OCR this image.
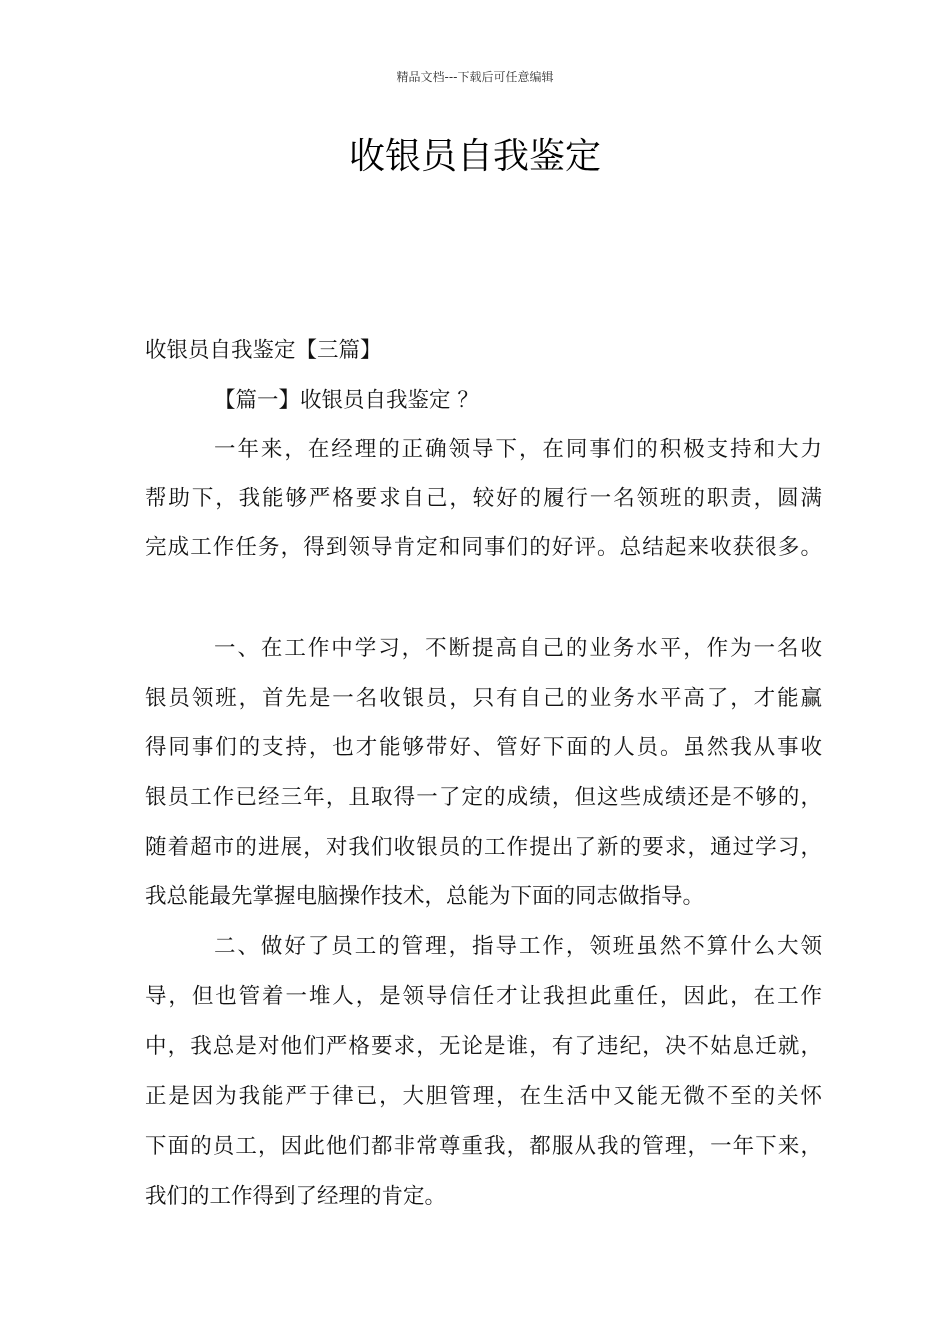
精品文档---下载后可任意编辑
收银员自我鉴定
收银员自我鉴定【三篇】
【篇一】收银员自我鉴定 ？
一年来，在经理的正确领导下，在同事们的积极支持和大力
帮助下，我能够严格要求自己，较好的履行一名领班的职责，圆满
完成工作任务，得到领导肯定和同事们的好评。总结起来收获很多。
一、在工作中学习，不断提高自己的业务水平，作为一名收
银员领班，首先是一名收银员，只有自己的业务水平高了，才能赢
得同事们的支持，也才能够带好、管好下面的人员。虽然我从事收
银员工作已经三年，且取得一了定的成绩，但这些成绩还是不够的，
随着超市的进展，对我们收银员的工作提出了新的要求，通过学习，
我总能最先掌握电脑操作技术，总能为下面的同志做指导。
二、做好了员工的管理，指导工作，领班虽然不算什么大领
导，但也管着一堆人，是领导信任才让我担此重任，因此，在工作
中，我总是对他们严格要求，无论是谁，有了违纪，决不姑息迁就，
正是因为我能严于律已，大胆管理，在生活中又能无微不至的关怀
下面的员工，因此他们都非常尊重我，都服从我的管理，一年下来，
我们的工作得到了经理的肯定。
